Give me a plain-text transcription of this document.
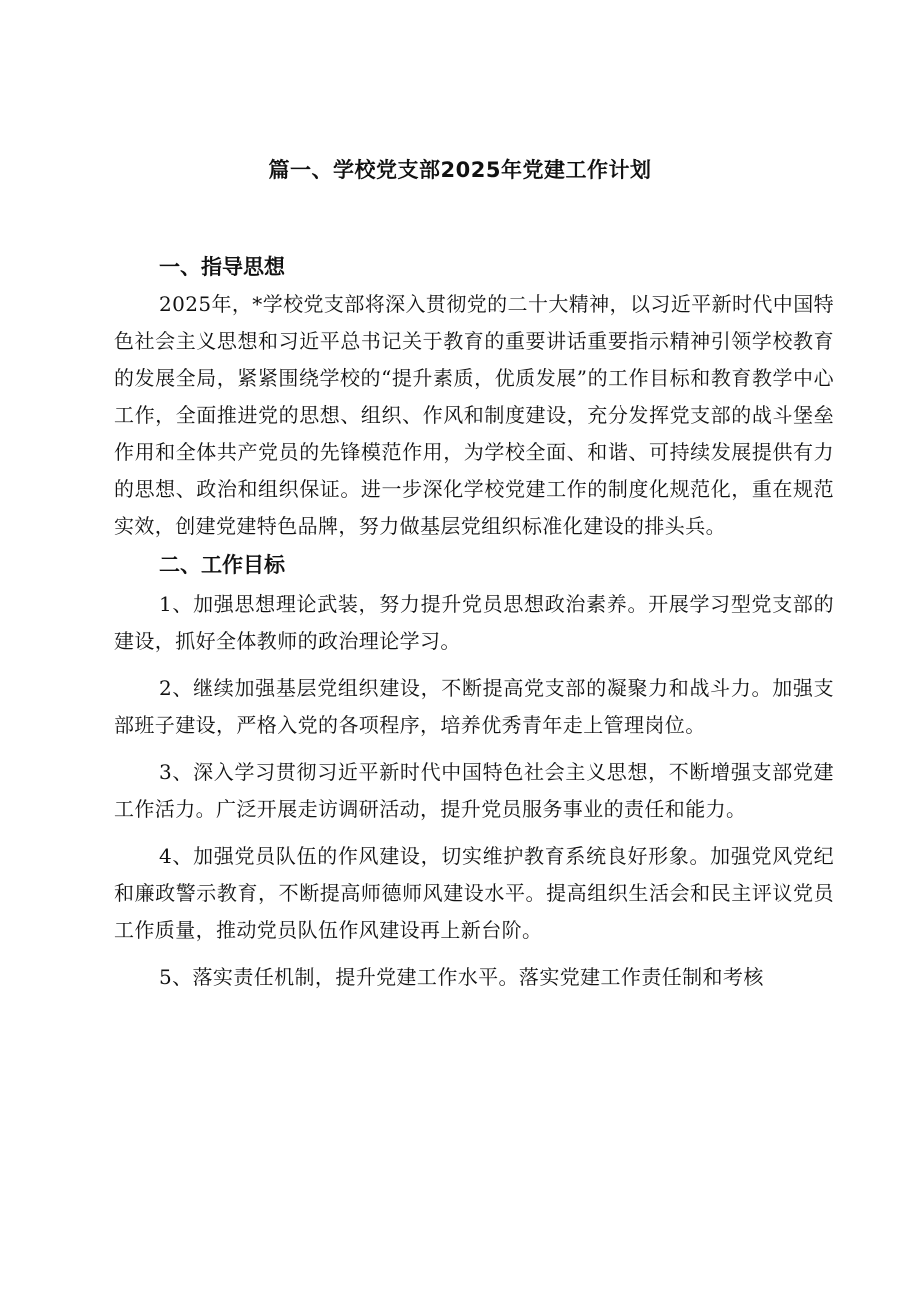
篇一、学校党支部2025年党建工作计划
一、指导思想

2025年，*学校党支部将深入贯彻党的二十大精神，以习近平新时代中国特色社会主义思想和习近平总书记关于教育的重要讲话重要指示精神引领学校教育的发展全局，紧紧围绕学校的“提升素质，优质发展”的工作目标和教育教学中心工作，全面推进党的思想、组织、作风和制度建设，充分发挥党支部的战斗堡垒作用和全体共产党员的先锋模范作用，为学校全面、和谐、可持续发展提供有力的思想、政治和组织保证。进一步深化学校党建工作的制度化规范化，重在规范实效，创建党建特色品牌，努力做基层党组织标准化建设的排头兵。

二、工作目标

1、加强思想理论武装，努力提升党员思想政治素养。开展学习型党支部的建设，抓好全体教师的政治理论学习。

2、继续加强基层党组织建设，不断提高党支部的凝聚力和战斗力。加强支部班子建设，严格入党的各项程序，培养优秀青年走上管理岗位。

3、深入学习贯彻习近平新时代中国特色社会主义思想，不断增强支部党建工作活力。广泛开展走访调研活动，提升党员服务事业的责任和能力。

4、加强党员队伍的作风建设，切实维护教育系统良好形象。加强党风党纪和廉政警示教育，不断提高师德师风建设水平。提高组织生活会和民主评议党员工作质量，推动党员队伍作风建设再上新台阶。

5、落实责任机制，提升党建工作水平。落实党建工作责任制和考核
